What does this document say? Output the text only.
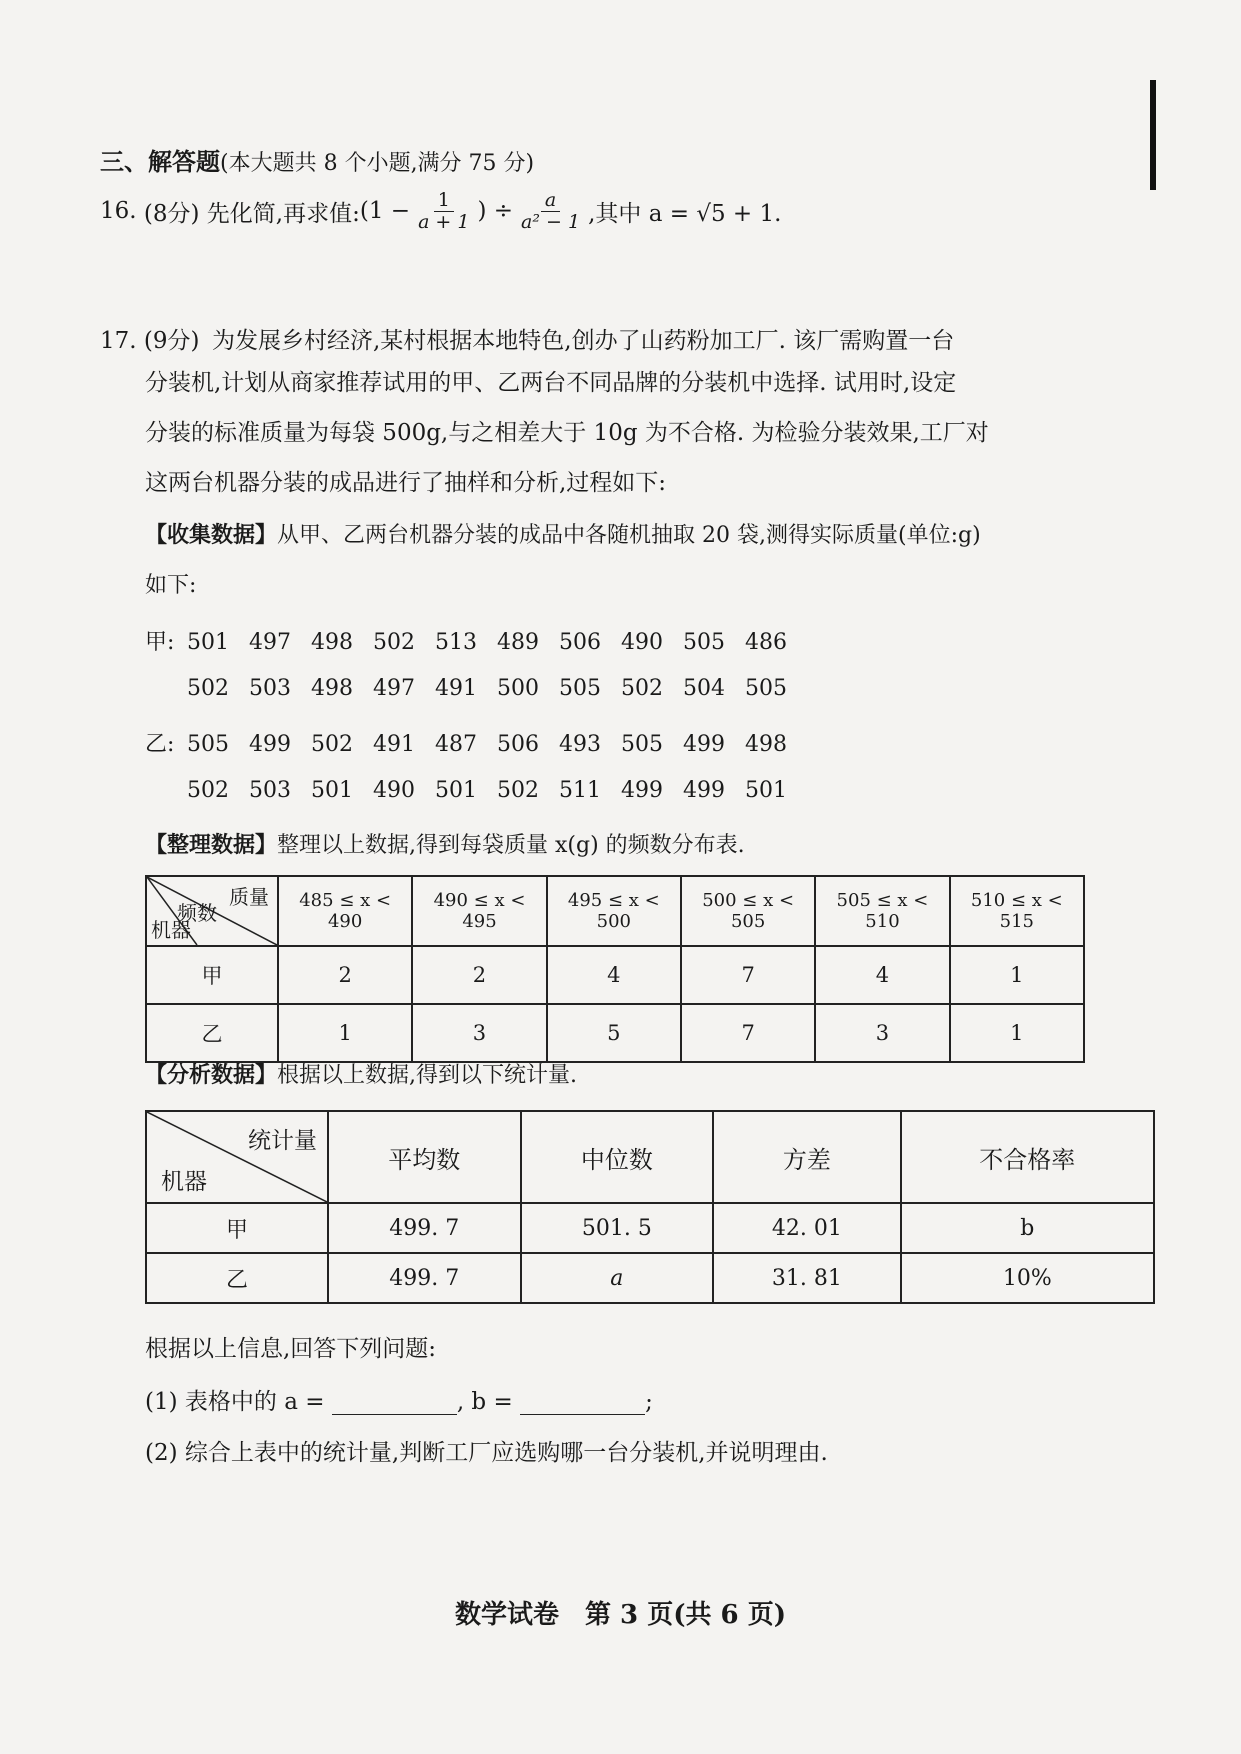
三、解答题(本大题共 8 个小题,满分 75 分)
16.
(8分)
先化简,再求值: ($1 - \frac{1}{a + 1}$ ) ÷ $\frac{a}{\text{a² − 1}}$ ,其中 a = √5 + 1.
17. (9分) 为发展乡村经济,某村根据本地特色,创办了山药粉加工厂. 该厂需购置一台
分装机,计划从商家推荐试用的甲、乙两台不同品牌的分装机中选择. 试用时,设定
分装的标准质量为每袋 500g,与之相差大于 10g 为不合格. 为检验分装效果,工厂对
这两台机器分装的成品进行了抽样和分析,过程如下:
【收集数据】从甲、乙两台机器分装的成品中各随机抽取 20 袋,测得实际质量(单位:g)
如下:
甲: 501 497 498 502 513 489 506 490 505 486
502 503 498 497 491 500 505 502 504 505
乙: 505 499 502 491 487 506 493 505 499 498
502 503 501 490 501 502 511 499 499 501
【整理数据】整理以上数据,得到每袋质量 x(g) 的频数分布表.
质量
频数
机器	485 ≤ x < 490	490 ≤ x < 495	495 ≤ x < 500	500 ≤ x < 505	505 ≤ x < 510	510 ≤ x < 515
甲	2	2	4	7	4	1
乙	1	3	5	7	3	1
【分析数据】根据以上数据,得到以下统计量.
统计量
机器	平均数	中位数	方差	不合格率
甲	499. 7	501. 5	42. 01	b
乙	499. 7	a	31. 81	10%
根据以上信息,回答下列问题:
(1) 表格中的 a =	, b =	;
(2) 综合上表中的统计量,判断工厂应选购哪一台分装机,并说明理由.
数学试卷　第 3 页(共 6 页)
